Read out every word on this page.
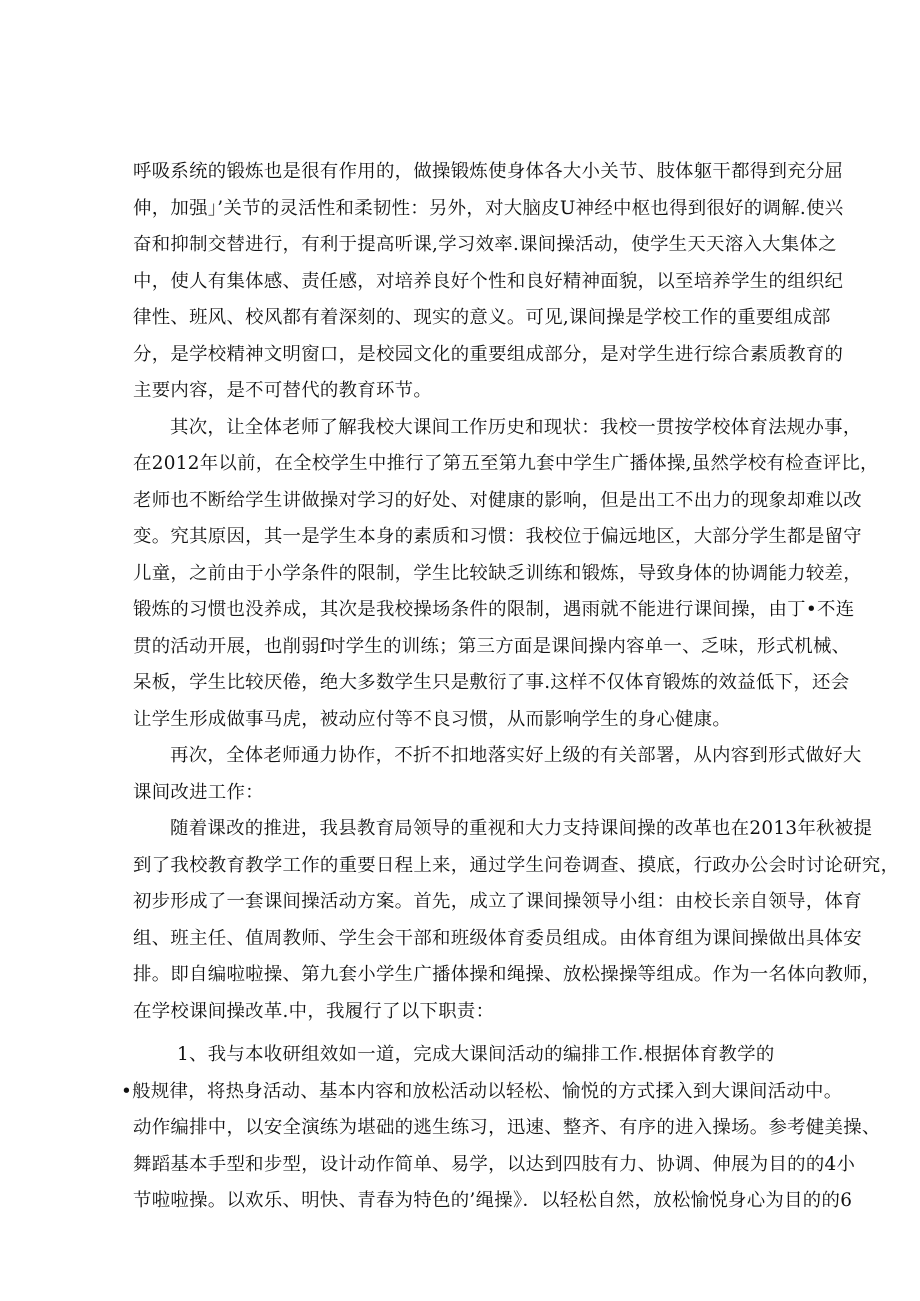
呼吸系统的锻炼也是很有作用的，做操锻炼使身体各大小关节、肢体躯干都得到充分屈
伸，加强」’关节的灵活性和柔韧性：另外，对大脑皮U神经中枢也得到很好的调解.使兴
奋和抑制交替进行，有利于提高听课,学习效率.课间操活动，使学生天天溶入大集体之
中，使人有集体感、责任感，对培养良好个性和良好精神面貌，以至培养学生的组织纪
律性、班风、校风都有着深刻的、现实的意义。可见,课间操是学校工作的重要组成部
分，是学校精神文明窗口，是校园文化的重要组成部分，是对学生进行综合素质教育的
主要内容，是不可替代的教育环节。
其次，让全体老师了解我校大课间工作历史和现状：我校一贯按学校体育法规办事，
在2012年以前，在全校学生中推行了第五至第九套中学生广播体操,虽然学校有检查评比，
老师也不断给学生讲做操对学习的好处、对健康的影响，但是出工不出力的现象却难以改
变。究其原因，其一是学生本身的素质和习惯：我校位于偏远地区，大部分学生都是留守
儿童，之前由于小学条件的限制，学生比较缺乏训练和锻炼，导致身体的协调能力较差，
锻炼的习惯也没养成，其次是我校操场条件的限制，遇雨就不能进行课间操，由丁•不连
贯的活动开展，也削弱f吋学生的训练；第三方面是课间操内容单一、乏味，形式机械、
呆板，学生比较厌倦，绝大多数学生只是敷衍了事.这样不仅体育锻炼的效益低下，还会
让学生形成做事马虎，被动应付等不良习惯，从而影响学生的身心健康。
再次，全体老师通力协作，不折不扣地落实好上级的有关部署，从内容到形式做好大
课间改进工作：
随着课改的推进，我县教育局领导的重视和大力支持课间操的改革也在2013年秋被提
到了我校教育教学工作的重要日程上来，通过学生问卷调查、摸底，行政办公会时讨论研究，
初步形成了一套课间操活动方案。首先，成立了课间操领导小组：由校长亲自领导，体育
组、班主任、值周教师、学生会干部和班级体育委员组成。由体育组为课间操做出具体安
排。即自编啦啦操、第九套小学生广播体操和绳操、放松操操等组成。作为一名体向教师，
在学校课间操改革.中，我履行了以下职责：
1、我与本收研组效如一道，完成大课间活动的编排工作.根据体育教学的
•般规律，将热身活动、基本内容和放松活动以轻松、愉悦的方式揉入到大课间活动中。
动作编排中，以安全演练为堪础的逃生练习，迅速、整齐、有序的进入操场。参考健美操、
舞蹈基本手型和步型，设计动作简单、易学，以达到四肢有力、协调、伸展为目的的4小
节啦啦操。以欢乐、明快、青春为特色的’绳操》．以轻松自然，放松愉悦身心为目的的6
